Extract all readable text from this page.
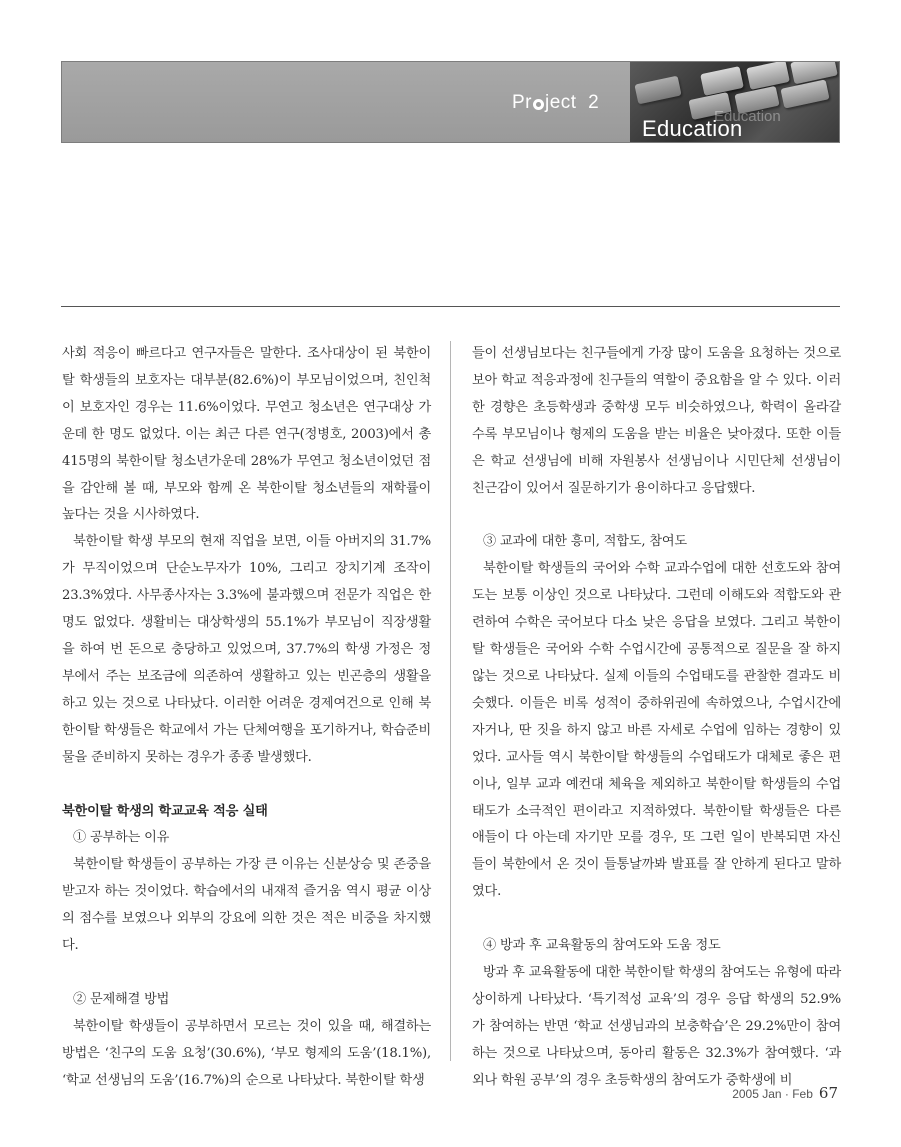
Pr ject  2
Education
Education

사회 적응이 빠르다고 연구자들은 말한다. 조사대상이 된 북한이탈 학생들의 보호자는 대부분(82.6%)이 부모님이었으며, 친인척이 보호자인 경우는 11.6%이었다. 무연고 청소년은 연구대상 가운데 한 명도 없었다. 이는 최근 다른 연구(정병호, 2003)에서 총 415명의 북한이탈 청소년가운데 28%가 무연고 청소년이었던 점을 감안해 볼 때, 부모와 함께 온 북한이탈 청소년들의 재학률이 높다는 것을 시사하였다.

북한이탈 학생 부모의 현재 직업을 보면, 이들 아버지의 31.7%가 무직이었으며 단순노무자가 10%, 그리고 장치기계 조작이 23.3%였다. 사무종사자는 3.3%에 불과했으며 전문가 직업은 한 명도 없었다. 생활비는 대상학생의 55.1%가 부모님이 직장생활을 하여 번 돈으로 충당하고 있었으며, 37.7%의 학생 가정은 정부에서 주는 보조금에 의존하여 생활하고 있는 빈곤층의 생활을 하고 있는 것으로 나타났다. 이러한 어려운 경제여건으로 인해 북한이탈 학생들은 학교에서 가는 단체여행을 포기하거나, 학습준비물을 준비하지 못하는 경우가 종종 발생했다.

북한이탈 학생의 학교교육 적응 실태

① 공부하는 이유

북한이탈 학생들이 공부하는 가장 큰 이유는 신분상승 및 존중을 받고자 하는 것이었다. 학습에서의 내재적 즐거움 역시 평균 이상의 점수를 보였으나 외부의 강요에 의한 것은 적은 비중을 차지했다.

② 문제해결 방법

북한이탈 학생들이 공부하면서 모르는 것이 있을 때, 해결하는 방법은 ‘친구의 도움 요청’(30.6%), ‘부모 형제의 도움’(18.1%), ‘학교 선생님의 도움’(16.7%)의 순으로 나타났다. 북한이탈 학생

들이 선생님보다는 친구들에게 가장 많이 도움을 요청하는 것으로 보아 학교 적응과정에 친구들의 역할이 중요함을 알 수 있다. 이러한 경향은 초등학생과 중학생 모두 비슷하였으나, 학력이 올라갈수록 부모님이나 형제의 도움을 받는 비율은 낮아졌다. 또한 이들은 학교 선생님에 비해 자원봉사 선생님이나 시민단체 선생님이 친근감이 있어서 질문하기가 용이하다고 응답했다.

③ 교과에 대한 흥미, 적합도, 참여도

북한이탈 학생들의 국어와 수학 교과수업에 대한 선호도와 참여도는 보통 이상인 것으로 나타났다. 그런데 이해도와 적합도와 관련하여 수학은 국어보다 다소 낮은 응답을 보였다. 그리고 북한이탈 학생들은 국어와 수학 수업시간에 공통적으로 질문을 잘 하지 않는 것으로 나타났다. 실제 이들의 수업태도를 관찰한 결과도 비슷했다. 이들은 비록 성적이 중하위권에 속하였으나, 수업시간에 자거나, 딴 짓을 하지 않고 바른 자세로 수업에 임하는 경향이 있었다. 교사들 역시 북한이탈 학생들의 수업태도가 대체로 좋은 편이나, 일부 교과 예컨대 체육을 제외하고 북한이탈 학생들의 수업태도가 소극적인 편이라고 지적하였다. 북한이탈 학생들은 다른 애들이 다 아는데 자기만 모를 경우, 또 그런 일이 반복되면 자신들이 북한에서 온 것이 들통날까봐 발표를 잘 안하게 된다고 말하였다.

④ 방과 후 교육활동의 참여도와 도움 정도

방과 후 교육활동에 대한 북한이탈 학생의 참여도는 유형에 따라 상이하게 나타났다. ‘특기적성 교육’의 경우 응답 학생의 52.9%가 참여하는 반면 ‘학교 선생님과의 보충학습’은 29.2%만이 참여하는 것으로 나타났으며, 동아리 활동은 32.3%가 참여했다. ‘과외나 학원 공부’의 경우 초등학생의 참여도가 중학생에 비

2005 Jan · Feb 67
